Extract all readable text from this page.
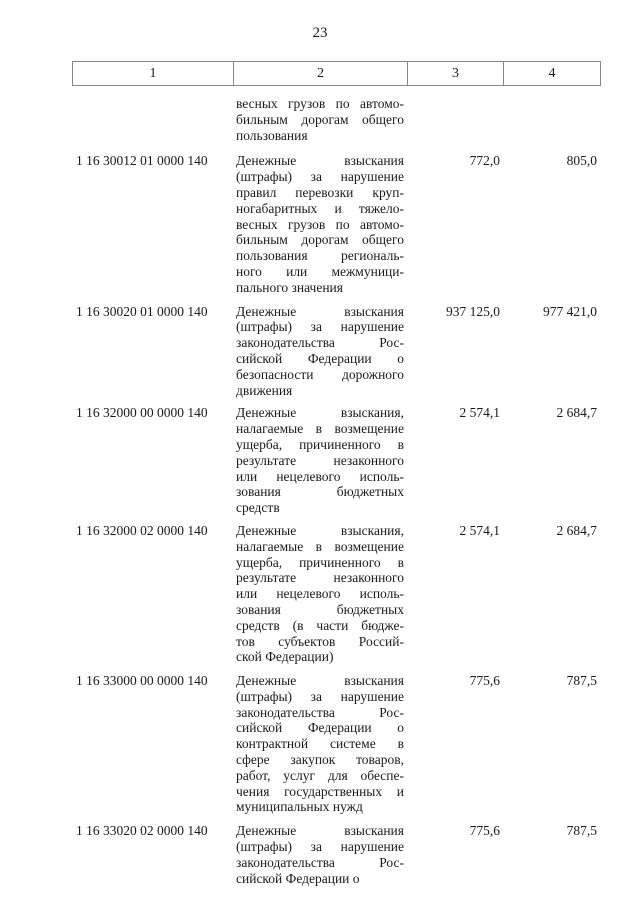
23
1	2	3	4
весных грузов по автомо-
бильным дорогам общего
пользования
1 16 30012 01 0000 140	Денежные взыскания
(штрафы) за нарушение
правил перевозки круп-
ногабаритных и тяжело-
весных грузов по автомо-
бильным дорогам общего
пользования региональ-
ного или межмуници-
пального значения
772,0	805,0
1 16 30020 01 0000 140	Денежные взыскания
(штрафы) за нарушение
законодательства Рос-
сийской Федерации о
безопасности дорожного
движения
937 125,0	977 421,0
1 16 32000 00 0000 140	Денежные взыскания,
налагаемые в возмещение
ущерба, причиненного в
результате незаконного
или нецелевого исполь-
зования бюджетных
средств
2 574,1	2 684,7
1 16 32000 02 0000 140	Денежные взыскания,
налагаемые в возмещение
ущерба, причиненного в
результате незаконного
или нецелевого исполь-
зования бюджетных
средств (в части бюдже-
тов субъектов Россий-
ской Федерации)
2 574,1	2 684,7
1 16 33000 00 0000 140	Денежные взыскания
(штрафы) за нарушение
законодательства Рос-
сийской Федерации о
контрактной системе в
сфере закупок товаров,
работ, услуг для обеспе-
чения государственных и
муниципальных нужд
775,6	787,5
1 16 33020 02 0000 140	Денежные взыскания
(штрафы) за нарушение
законодательства Рос-
сийской Федерации о
775,6	787,5
